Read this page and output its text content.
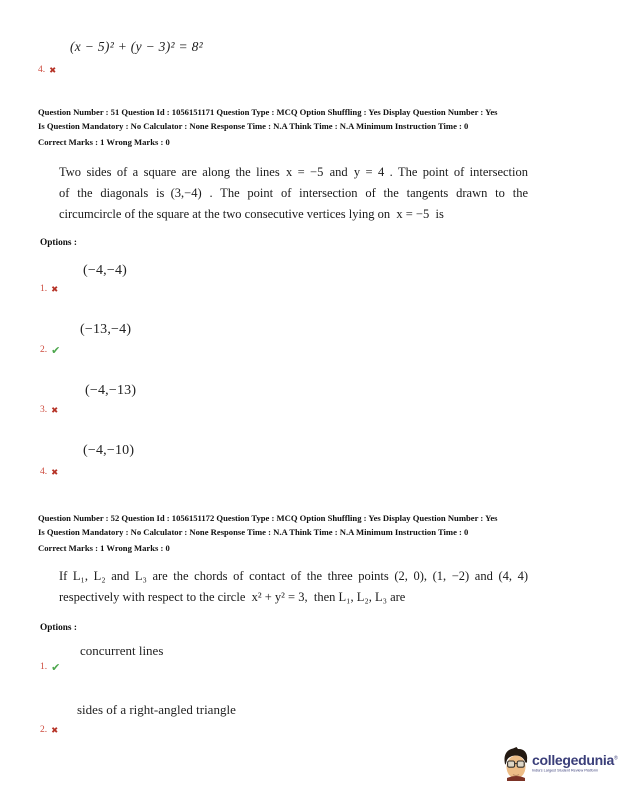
(x − 5)² + (y − 3)² = 8²
4. ✖
Question Number : 51 Question Id : 1056151171 Question Type : MCQ Option Shuffling : Yes Display Question Number : Yes
Is Question Mandatory : No Calculator : None Response Time : N.A Think Time : N.A Minimum Instruction Time : 0
Correct Marks : 1 Wrong Marks : 0
Two sides of a square are along the lines x = −5 and y = 4 . The point of intersection
of the diagonals is (3,−4) . The point of intersection of the tangents drawn to the
circumcircle of the square at the two consecutive vertices lying on x = −5 is
Options :
(−4,−4)
1. ✖
(−13,−4)
2. ✔
(−4,−13)
3. ✖
(−4,−10)
4. ✖
Question Number : 52 Question Id : 1056151172 Question Type : MCQ Option Shuffling : Yes Display Question Number : Yes
Is Question Mandatory : No Calculator : None Response Time : N.A Think Time : N.A Minimum Instruction Time : 0
Correct Marks : 1 Wrong Marks : 0
If L₁, L₂ and L₃ are the chords of contact of the three points (2, 0), (1, −2) and (4, 4)
respectively with respect to the circle x² + y² = 3, then L₁, L₂, L₃ are
Options :
concurrent lines
1. ✔
sides of a right-angled triangle
2. ✖
collegedunia®
India's Largest Student Review Platform
